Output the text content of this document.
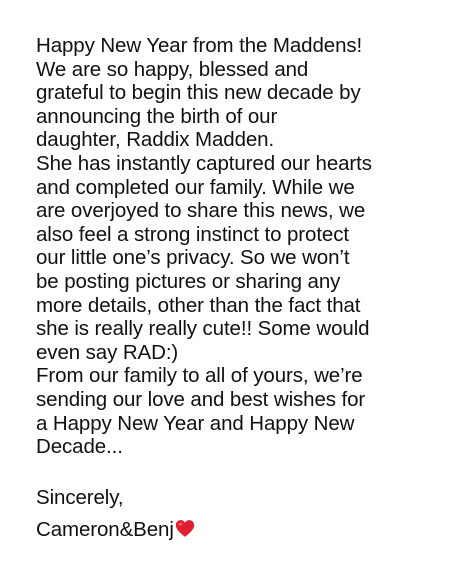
Happy New Year from the Maddens!
We are so happy, blessed and
grateful to begin this new decade by
announcing the birth of our
daughter, Raddix Madden.
She has instantly captured our hearts
and completed our family. While we
are overjoyed to share this news, we
also feel a strong instinct to protect
our little one’s privacy. So we won’t
be posting pictures or sharing any
more details, other than the fact that
she is really really cute!! Some would
even say RAD:)
From our family to all of yours, we’re
sending our love and best wishes for
a Happy New Year and Happy New
Decade...
Sincerely,
Cameron&Benj
